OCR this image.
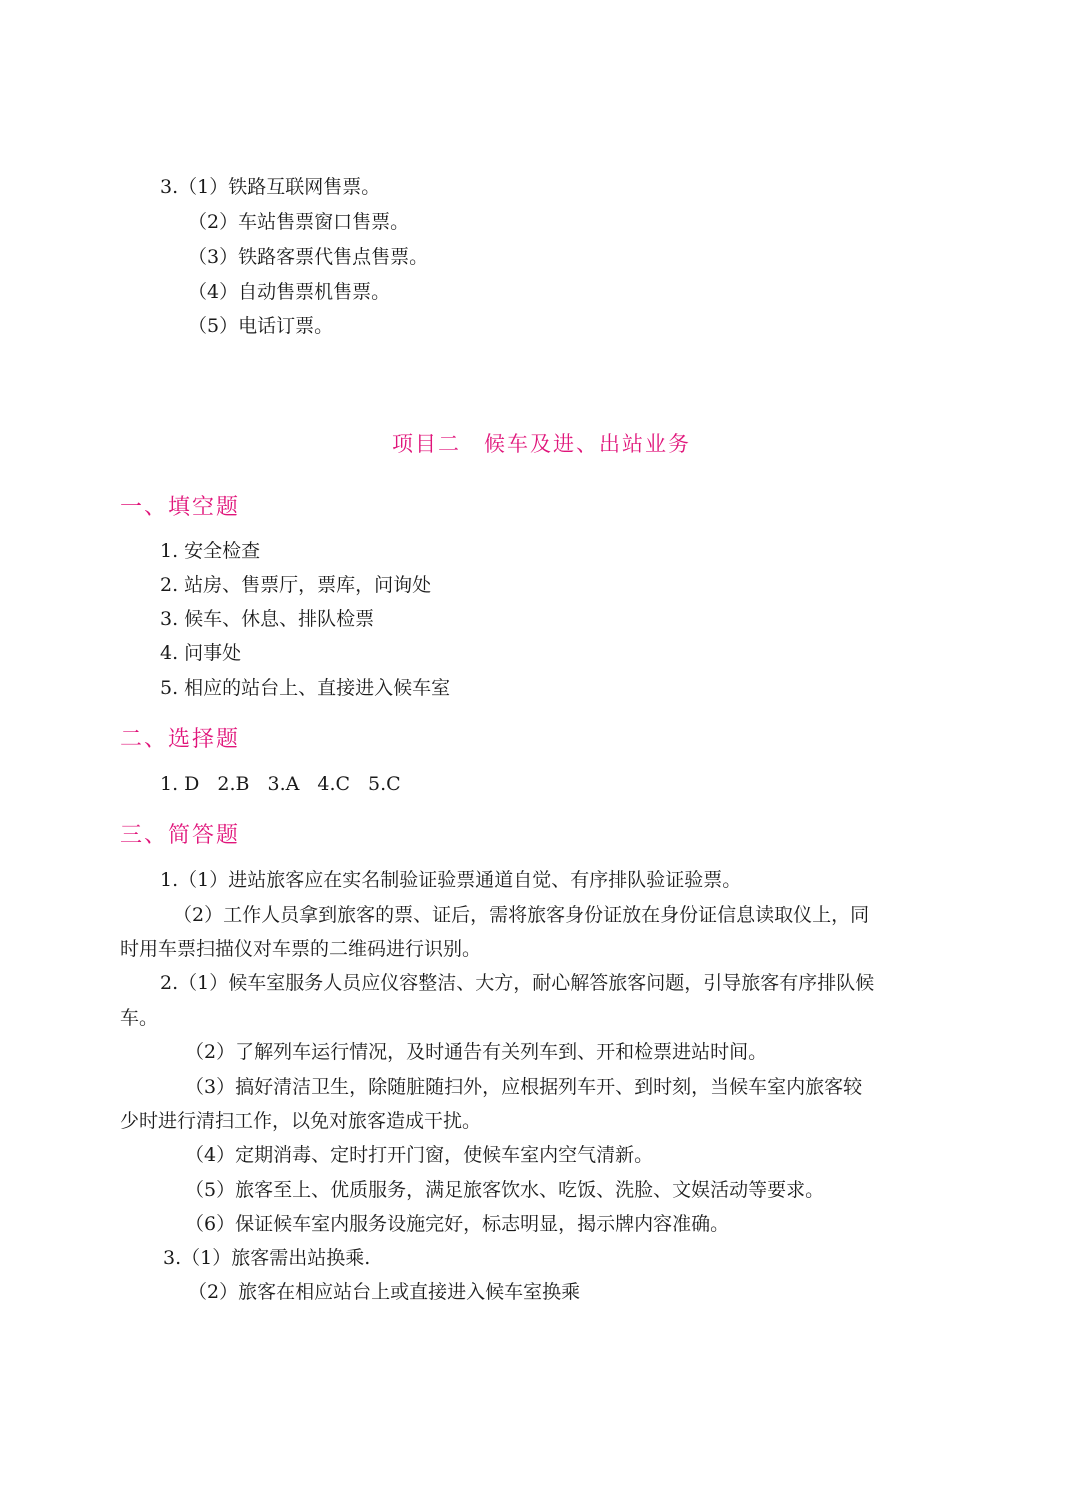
3.（1）铁路互联网售票。
（2）车站售票窗口售票。
（3）铁路客票代售点售票。
（4）自动售票机售票。
（5）电话订票。
项目二　候车及进、出站业务
一、填空题
1. 安全检查
2. 站房、售票厅，票库，问询处
3. 候车、休息、排队检票
4. 问事处
5. 相应的站台上、直接进入候车室
二、选择题
1. D 2.B 3.A 4.C 5.C
三、简答题
1.（1）进站旅客应在实名制验证验票通道自觉、有序排队验证验票。
（2）工作人员拿到旅客的票、证后，需将旅客身份证放在身份证信息读取仪上，同
时用车票扫描仪对车票的二维码进行识别。
2.（1）候车室服务人员应仪容整洁、大方，耐心解答旅客问题，引导旅客有序排队候
车。
（2）了解列车运行情况，及时通告有关列车到、开和检票进站时间。
（3）搞好清洁卫生，除随脏随扫外，应根据列车开、到时刻，当候车室内旅客较
少时进行清扫工作，以免对旅客造成干扰。
（4）定期消毒、定时打开门窗，使候车室内空气清新。
（5）旅客至上、优质服务，满足旅客饮水、吃饭、洗脸、文娱活动等要求。
（6）保证候车室内服务设施完好，标志明显，揭示牌内容准确。
3.（1）旅客需出站换乘.
（2）旅客在相应站台上或直接进入候车室换乘
